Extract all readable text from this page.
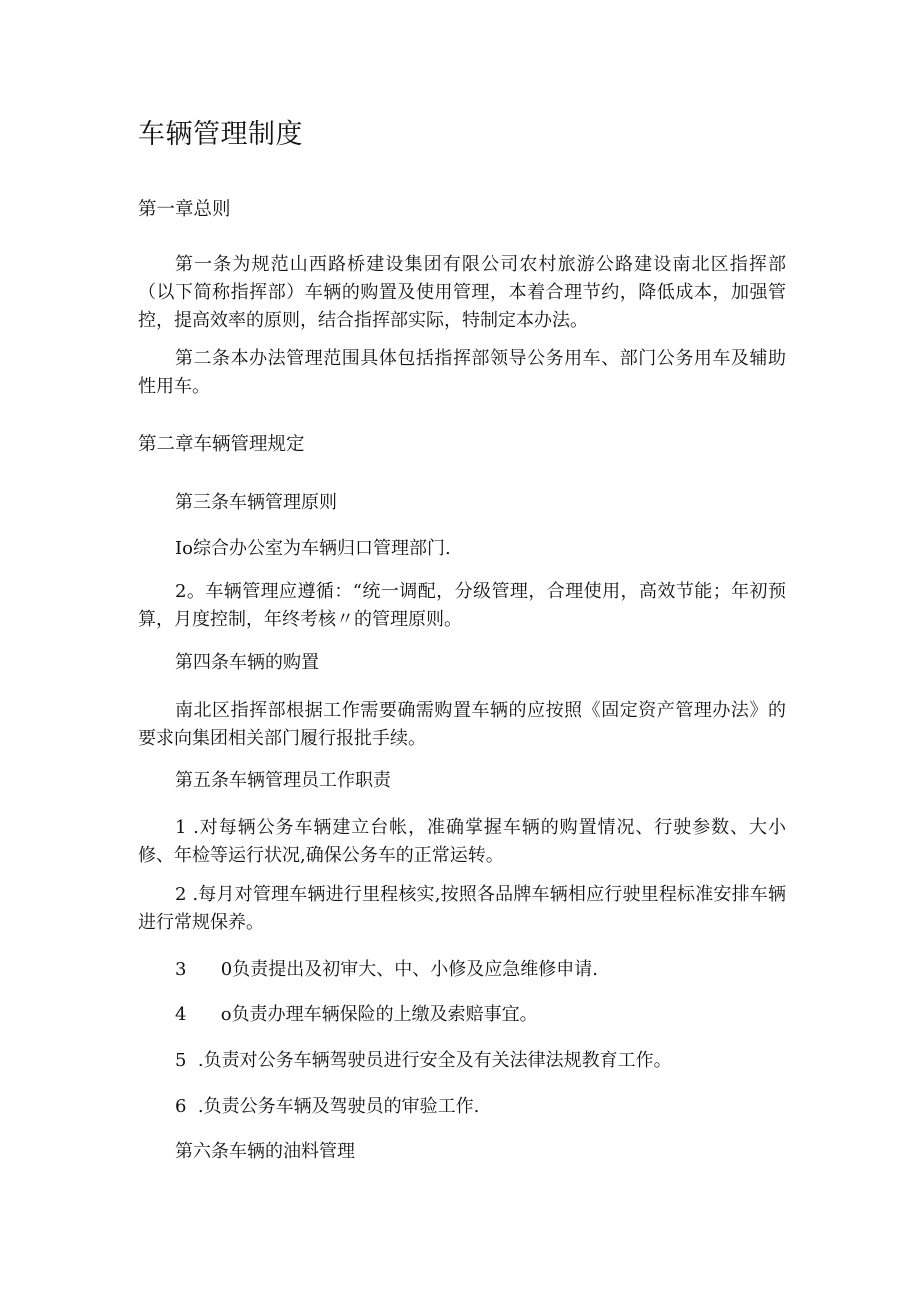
车辆管理制度
第一章总则

第一条为规范山西路桥建设集团有限公司农村旅游公路建设南北区指挥部（以下简称指挥部）车辆的购置及使用管理，本着合理节约，降低成本，加强管控，提高效率的原则，结合指挥部实际，特制定本办法。

第二条本办法管理范围具体包括指挥部领导公务用车、部门公务用车及辅助性用车。

第二章车辆管理规定
第三条车辆管理原则
Io综合办公室为车辆归口管理部门.

2。车辆管理应遵循：“统一调配，分级管理，合理使用，高效节能；年初预算，月度控制，年终考核〃的管理原则。

第四条车辆的购置

南北区指挥部根据工作需要确需购置车辆的应按照《固定资产管理办法》的要求向集团相关部门履行报批手续。

第五条车辆管理员工作职责

1 .对每辆公务车辆建立台帐，准确掌握车辆的购置情况、行驶参数、大小修、年检等运行状况,确保公务车的正常运转。

2 .每月对管理车辆进行里程核实,按照各品牌车辆相应行驶里程标准安排车辆进行常规保养。

3      0负责提出及初审大、中、小修及应急维修申请.
4      o负责办理车辆保险的上缴及索赔事宜。
5  .负责对公务车辆驾驶员进行安全及有关法律法规教育工作。
6  .负责公务车辆及驾驶员的审验工作.
第六条车辆的油料管理
